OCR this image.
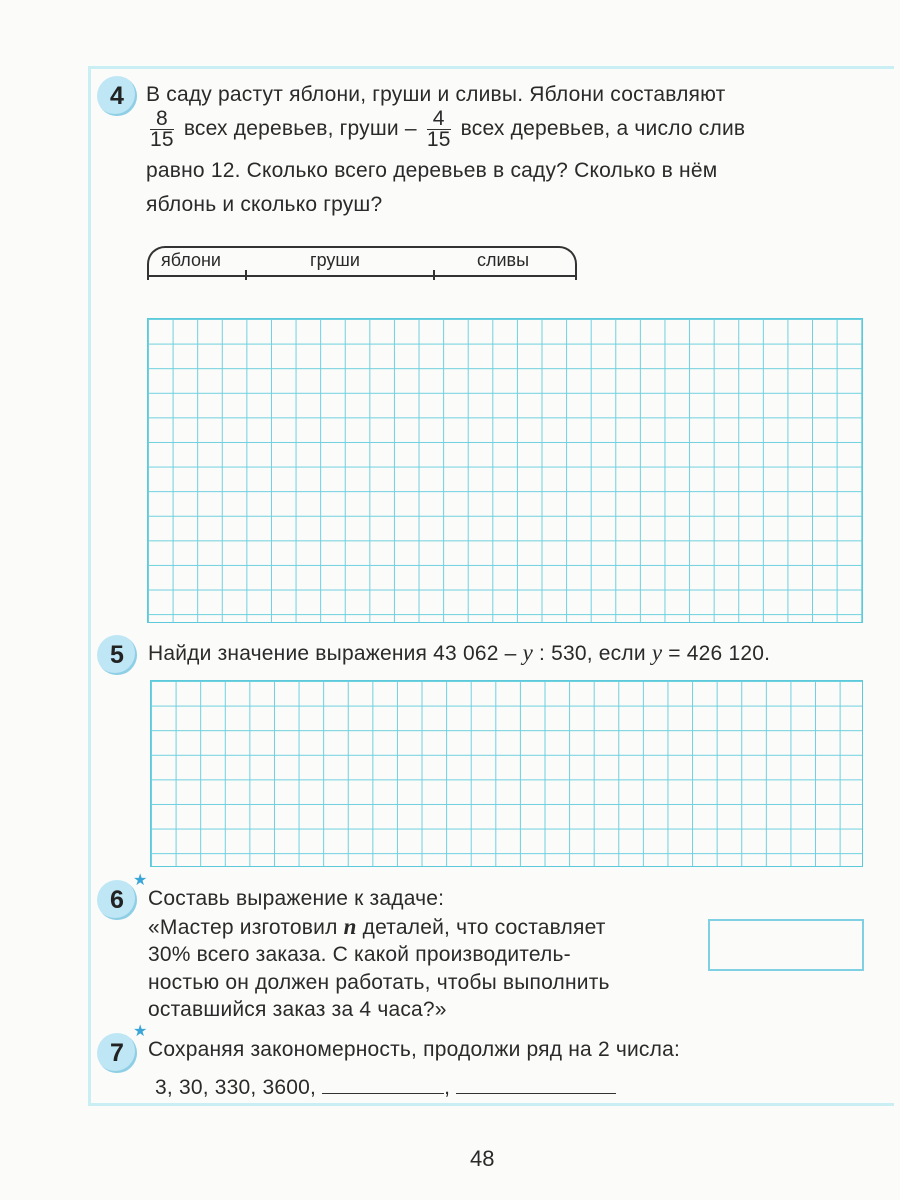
4 В саду растут яблони, груши и сливы. Яблони составляют
$\frac{8}{15}$ всех деревьев, груши – $\frac{4}{15}$ всех деревьев, а число слив
равно 12. Сколько всего деревьев в саду? Сколько в нём
яблонь и сколько груш?
яблони	груши	сливы
5 Найди значение выражения 43 062 – y : 530, если y = 426 120.
★
6 Составь выражение к задаче:
«Мастер изготовил n деталей, что составляет
30% всего заказа. С какой производитель-
ностью он должен работать, чтобы выполнить
оставшийся заказ за 4 часа?»
★
7 Сохраняя закономерность, продолжи ряд на 2 числа:
3, 30, 330, 3600,	,
48
